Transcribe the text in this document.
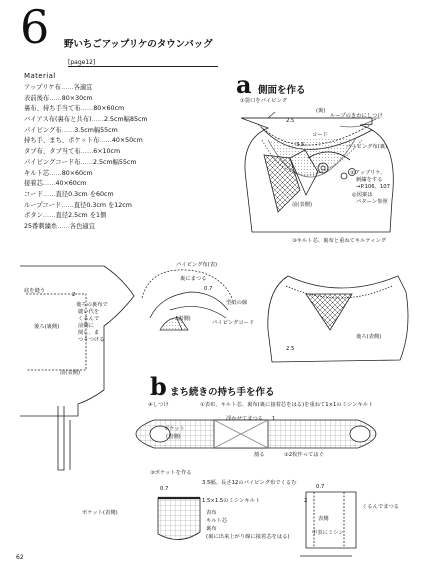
6 野いちごアップリケのタウンバッグ
[page12]
Material
アップリケ布……各適宜
表前後布……80×30cm
裏布、持ち手当て布……80×60cm
バイアス布(裏布と共布)……2.5cm幅85cm
パイピング布……3.5cm幅55cm
持ち手、まち、ポケット布……40×50cm
タブ布、タブ当て布……6×10cm
パイピングコード布……2.5cm幅55cm
キルト芯……80×60cm
接着芯……40×60cm
コード……直径0.3cm を60cm
ループコード……直径0.3cm を12cm
ボタン……直径2.5cm を1個
25番刺繍糸……各色適宜
a 側面を作る
①袋口をパイピング
(裏)
ループのきわにしつけ
2.5
コード
3.5	パイピング布(裏)
②アップリケ、
刺繍をする
→P.106、107
◎図案は
パターン参照
前(表側)
③キルト芯、裏布と重ねてキルティング
後ろ(表側)
2.5
パイピング布(表)
裏にまつる
0.7
(表側)
型紙の線
パイピングコード
底を縫う
2
後ろの裏布で
縫い代を
くるんで
前側に
倒し、ま
つりつける
後ろ(裏側)
前(表側)	b まち続きの持ち手を作る
①表布、キルト芯、裏布(裏に接着芯をはる)を重ねて1×1のミシンキルト
④しつけ
ポケット
(表側)
浮かせてまつる 1
割る	②2枚作ってはぐ
③ポケットを作る
0.7
3.5幅、長さ12のパイピング布でくるむ
0.7
2
ポケット(表側)
1.5×1.5のミシンキルト
表布
キルト芯
裏布
(裏に出来上がり線に接着芯をはる)
くるんでまつる
表側
中表にミシン
62
